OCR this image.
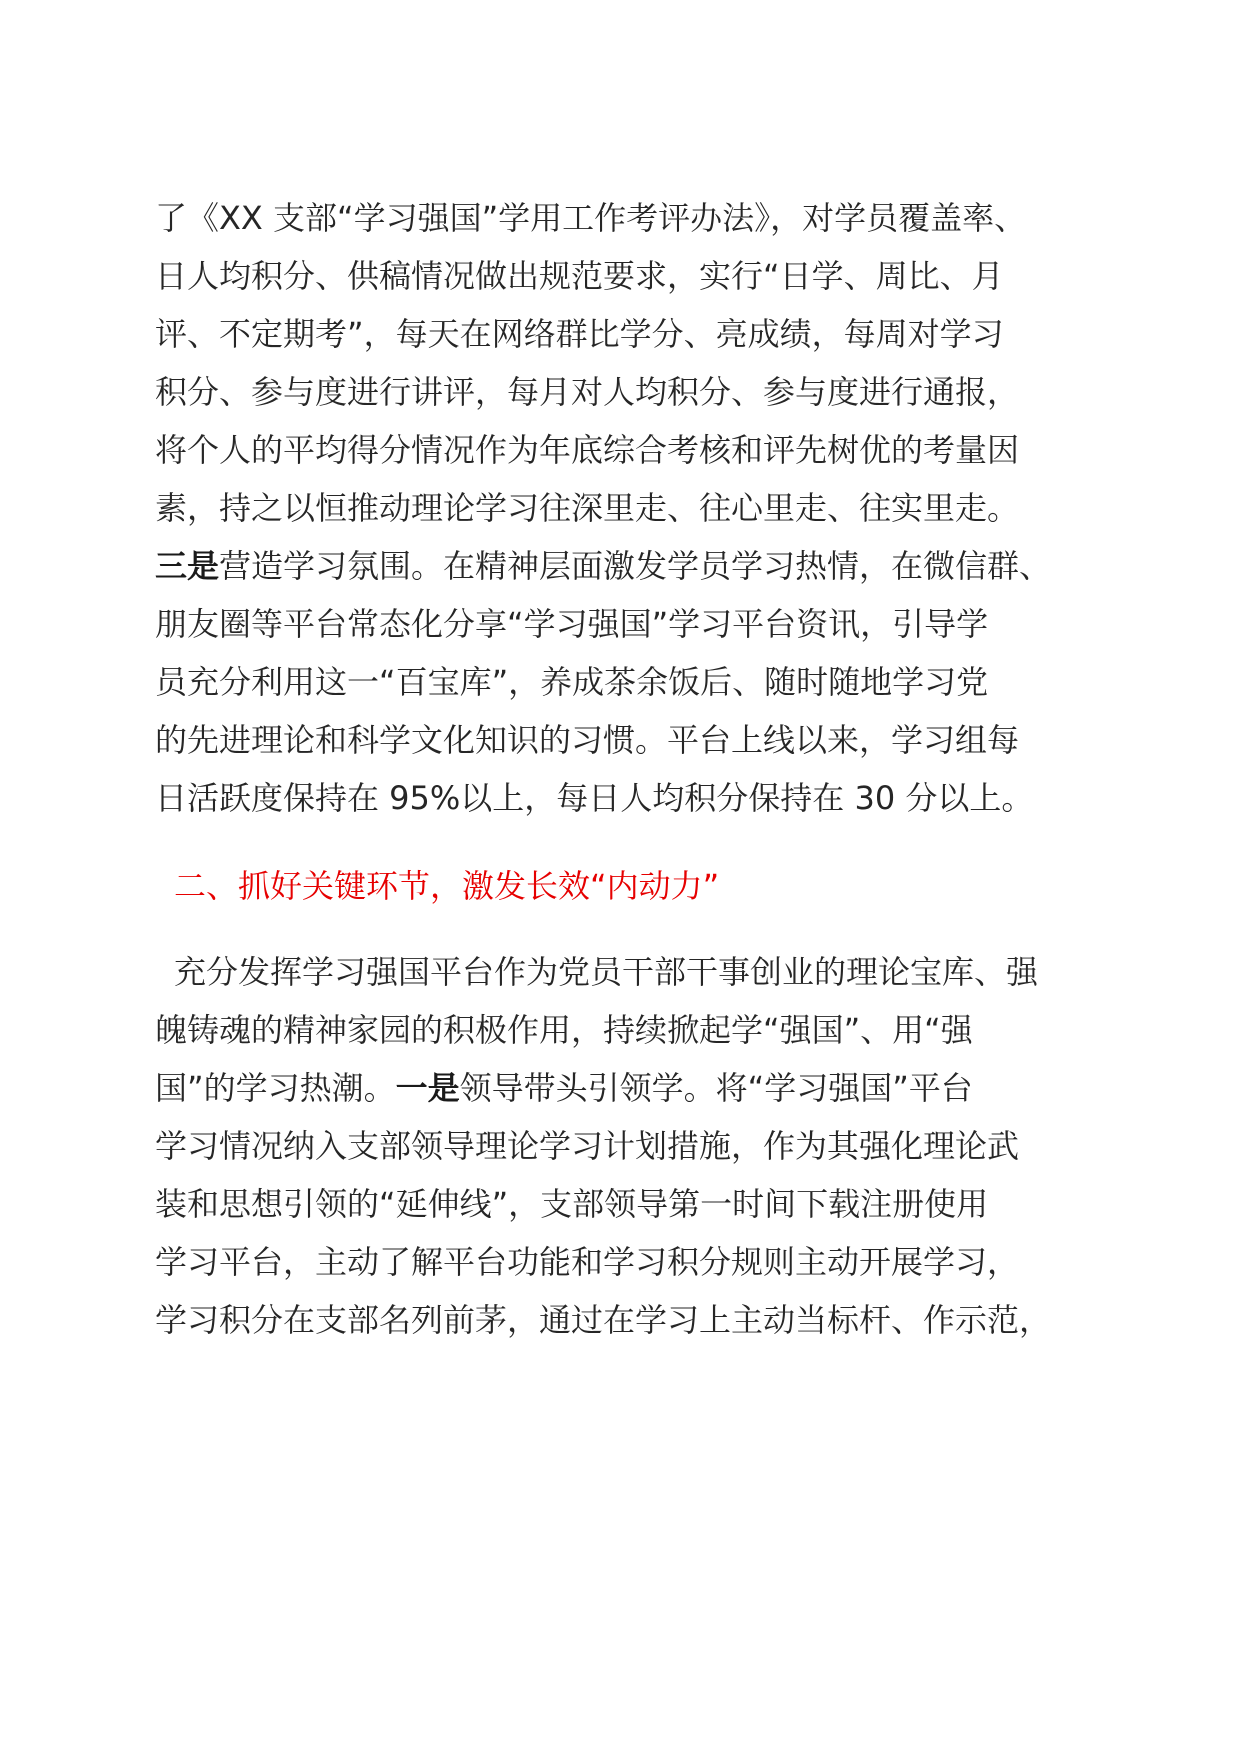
了《XX 支部“学习强国”学用工作考评办法》，对学员覆盖率、
日人均积分、供稿情况做出规范要求，实行“日学、周比、月
评、不定期考”，每天在网络群比学分、亮成绩，每周对学习
积分、参与度进行讲评，每月对人均积分、参与度进行通报，
将个人的平均得分情况作为年底综合考核和评先树优的考量因
素，持之以恒推动理论学习往深里走、往心里走、往实里走。
三是营造学习氛围。在精神层面激发学员学习热情，在微信群、
朋友圈等平台常态化分享“学习强国”学习平台资讯，引导学
员充分利用这一“百宝库”，养成茶余饭后、随时随地学习党
的先进理论和科学文化知识的习惯。平台上线以来，学习组每
日活跃度保持在 95%以上，每日人均积分保持在 30 分以上。
二、抓好关键环节，激发长效“内动力”
充分发挥学习强国平台作为党员干部干事创业的理论宝库、强
魄铸魂的精神家园的积极作用，持续掀起学“强国”、用“强
国”的学习热潮。一是领导带头引领学。将“学习强国”平台
学习情况纳入支部领导理论学习计划措施，作为其强化理论武
装和思想引领的“延伸线”，支部领导第一时间下载注册使用
学习平台，主动了解平台功能和学习积分规则主动开展学习，
学习积分在支部名列前茅，通过在学习上主动当标杆、作示范，
